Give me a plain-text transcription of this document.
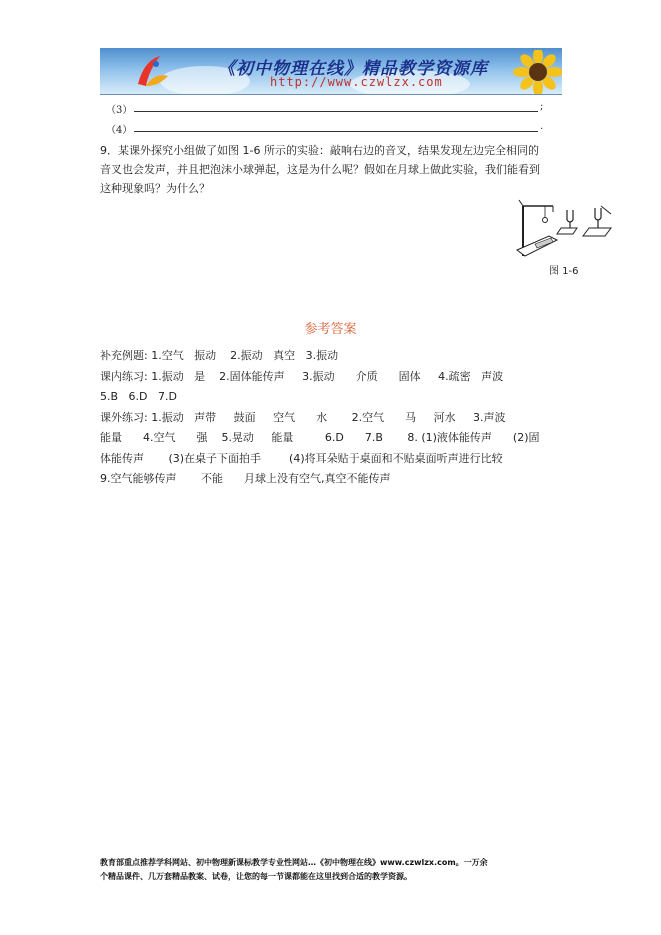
《初中物理在线》精品教学资源库
http://www.czwlzx.com
（3）	;
（4）	.
9．某课外探究小组做了如图 1-6 所示的实验：敲响右边的音叉，结果发现左边完全相同的
音叉也会发声，并且把泡沫小球弹起，这是为什么呢？假如在月球上做此实验，我们能看到
这种现象吗？为什么？
图 1-6
参考答案

补充例题: 1.空气   振动    2.振动   真空   3.振动

课内练习: 1.振动   是    2.固体能传声     3.振动      介质      固体     4.疏密   声波

5.B   6.D   7.D

课外练习: 1.振动   声带     鼓面     空气      水       2.空气      马     河水     3.声波

能量      4.空气      强    5.晃动     能量         6.D      7.B       8. (1)液体能传声      (2)固

体能传声       (3)在桌子下面拍手        (4)将耳朵贴于桌面和不贴桌面听声进行比较

9.空气能够传声       不能      月球上没有空气,真空不能传声

教育部重点推荐学科网站、初中物理新课标教学专业性网站…《初中物理在线》www.czwlzx.com。一万余

个精品课件、几万套精品教案、试卷，让您的每一节课都能在这里找到合适的教学资源。
